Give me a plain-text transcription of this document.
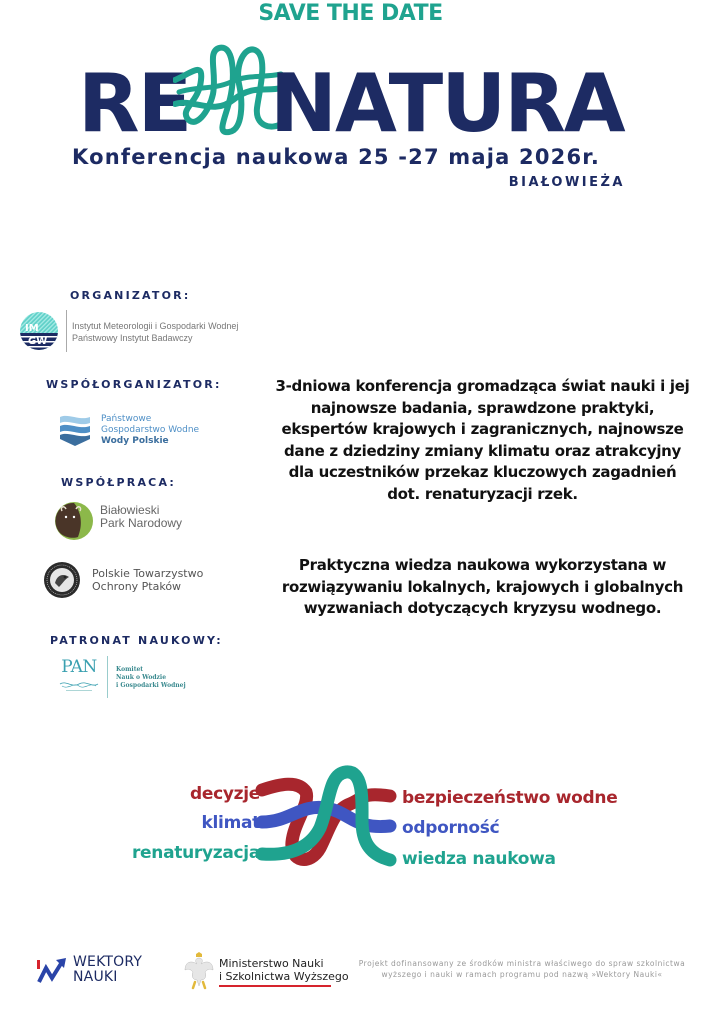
SAVE THE DATE
RE NATURA
Konferencja naukowa 25 -27 maja 2026r.
BIAŁOWIEŻA
ORGANIZATOR:
IM
GW
Instytut Meteorologii i Gospodarki Wodnej
Państwowy Instytut Badawczy
WSPÓŁORGANIZATOR:
Państwowe
Gospodarstwo Wodne
Wody Polskie
WSPÓŁPRACA:
Białowieski
Park Narodowy
Polskie Towarzystwo
Ochrony Ptaków
PATRONAT NAUKOWY:
PAN	Komitet
Nauk o Wodzie
i Gospodarki Wodnej
3-dniowa konferencja gromadząca świat nauki i jej najnowsze badania, sprawdzone praktyki, ekspertów krajowych i zagranicznych, najnowsze dane z dziedziny zmiany klimatu oraz atrakcyjny dla uczestników przekaz kluczowych zagadnień dot. renaturyzacji rzek.
Praktyczna wiedza naukowa wykorzystana w rozwiązywaniu lokalnych, krajowych i globalnych wyzwaniach dotyczących kryzysu wodnego.
decyzje
klimat
renaturyzacja
bezpieczeństwo wodne
odporność
wiedza naukowa
WEKTORY
NAUKI
Ministerstwo Nauki
i Szkolnictwa Wyższego
Projekt dofinansowany ze środków ministra właściwego do spraw szkolnictwa wyższego i nauki w ramach programu pod nazwą »Wektory Nauki«
